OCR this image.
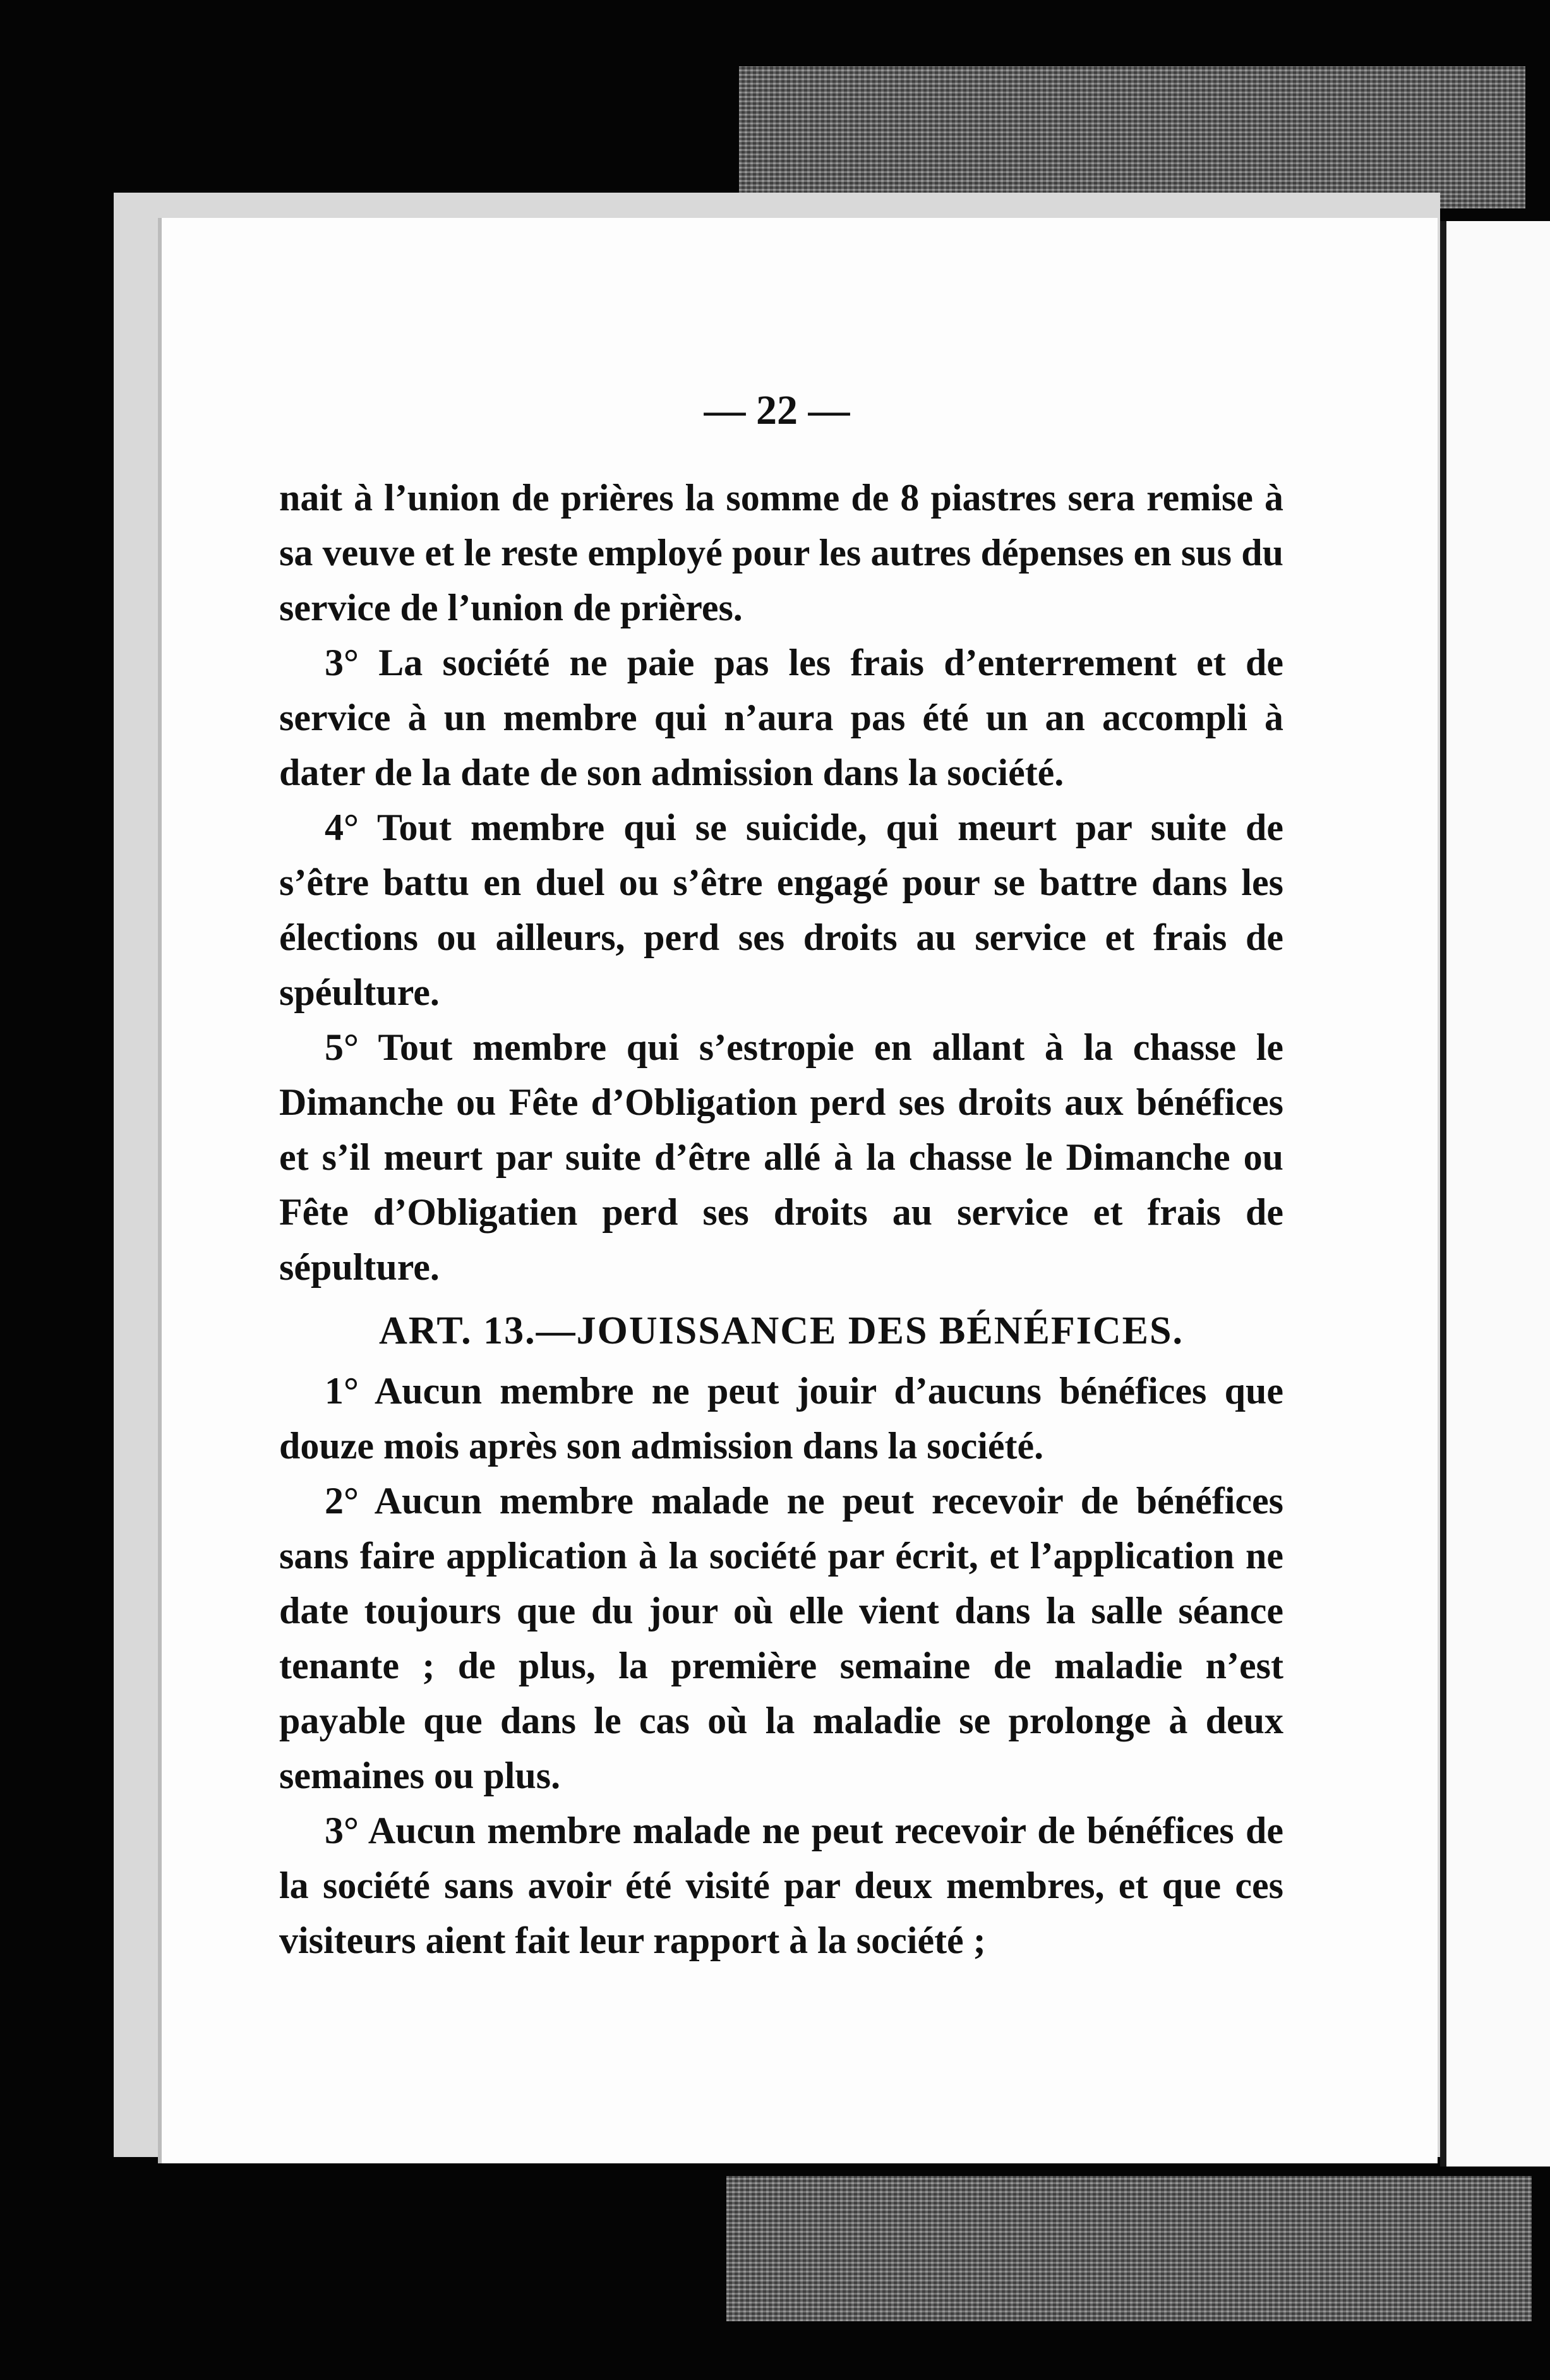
— 22 —

nait à l’union de prières la somme de 8 piastres sera remise à sa veuve et le reste employé pour les autres dépenses en sus du service de l’union de prières.

3° La société ne paie pas les frais d’enterrement et de service à un membre qui n’aura pas été un an accompli à dater de la date de son admission dans la société.

4° Tout membre qui se suicide, qui meurt par suite de s’être battu en duel ou s’être engagé pour se battre dans les élections ou ailleurs, perd ses droits au service et frais de spéulture.

5° Tout membre qui s’estropie en allant à la chasse le Dimanche ou Fête d’Obligation perd ses droits aux bénéfices et s’il meurt par suite d’être allé à la chasse le Dimanche ou Fête d’Obligatien perd ses droits au service et frais de sépulture.

ART. 13.—JOUISSANCE DES BÉNÉFICES.

1° Aucun membre ne peut jouir d’aucuns bénéfices que douze mois après son admission dans la société.

2° Aucun membre malade ne peut recevoir de bénéfices sans faire application à la société par écrit, et l’application ne date toujours que du jour où elle vient dans la salle séance tenante ; de plus, la première semaine de maladie n’est payable que dans le cas où la maladie se prolonge à deux semaines ou plus.

3° Aucun membre malade ne peut recevoir de bénéfices de la société sans avoir été visité par deux membres, et que ces visiteurs aient fait leur rapport à la société ;
